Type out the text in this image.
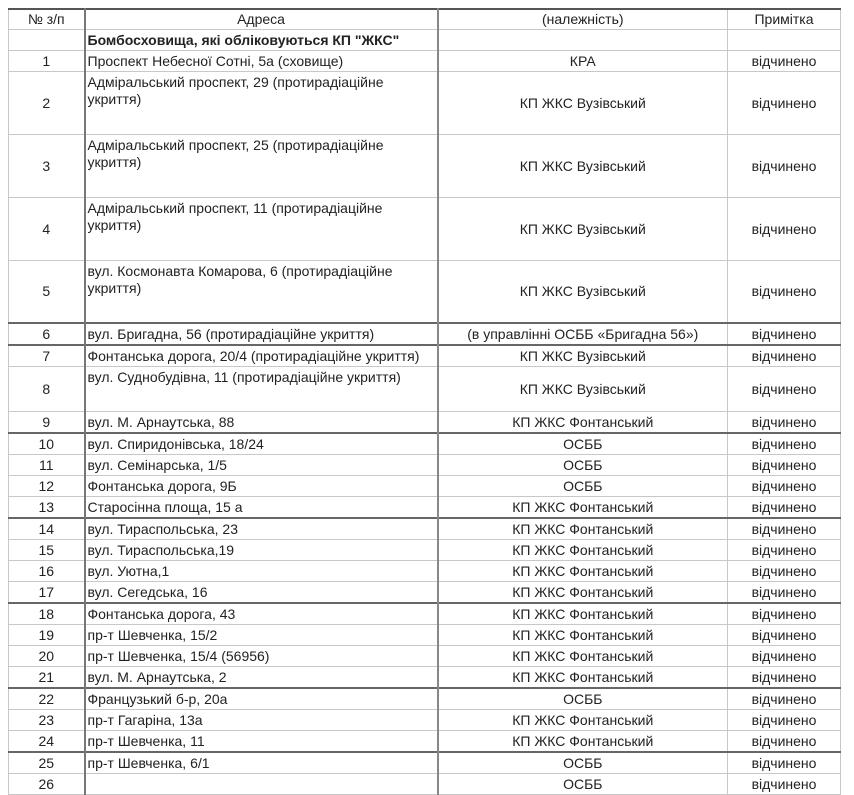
№ з/п	Адреса	(належність)	Примітка
	Бомбосховища, які обліковуються КП "ЖКС"		
1	Проспект Небесної Сотні, 5а (сховище)	КРА	відчинено
2	Адміральський проспект, 29 (протирадіаційне укриття)	КП ЖКС Вузівський	відчинено
3	Адміральський проспект, 25 (протирадіаційне укриття)	КП ЖКС Вузівський	відчинено
4	Адміральський проспект, 11 (протирадіаційне укриття)	КП ЖКС Вузівський	відчинено
5	вул. Космонавта Комарова, 6 (протирадіаційне укриття)	КП ЖКС Вузівський	відчинено
6	вул. Бригадна, 56 (протирадіаційне укриття)	(в управлінні ОСББ «Бригадна 56»)	відчинено
7	Фонтанська дорога, 20/4 (протирадіаційне укриття)	КП ЖКС Вузівський	відчинено
8	вул. Суднобудівна, 11 (протирадіаційне укриття)	КП ЖКС Вузівський	відчинено
9	вул. М. Арнаутська, 88	КП ЖКС Фонтанський	відчинено
10	вул. Спиридонівська, 18/24	ОСББ	відчинено
11	вул. Семінарська, 1/5	ОСББ	відчинено
12	Фонтанська дорога, 9Б	ОСББ	відчинено
13	Старосінна площа, 15 а	КП ЖКС Фонтанський	відчинено
14	вул. Тираспольська, 23	КП ЖКС Фонтанський	відчинено
15	вул. Тираспольська,19	КП ЖКС Фонтанський	відчинено
16	вул. Уютна,1	КП ЖКС Фонтанський	відчинено
17	вул. Сегедська, 16	КП ЖКС Фонтанський	відчинено
18	Фонтанська дорога, 43	КП ЖКС Фонтанський	відчинено
19	пр-т Шевченка, 15/2	КП ЖКС Фонтанський	відчинено
20	пр-т Шевченка, 15/4 (56956)	КП ЖКС Фонтанський	відчинено
21	вул. М. Арнаутська, 2	КП ЖКС Фонтанський	відчинено
22	Французький б-р, 20а	ОСББ	відчинено
23	пр-т Гагаріна, 13а	КП ЖКС Фонтанський	відчинено
24	пр-т Шевченка, 11	КП ЖКС Фонтанський	відчинено
25	пр-т Шевченка, 6/1	ОСББ	відчинено
26		ОСББ	відчинено
